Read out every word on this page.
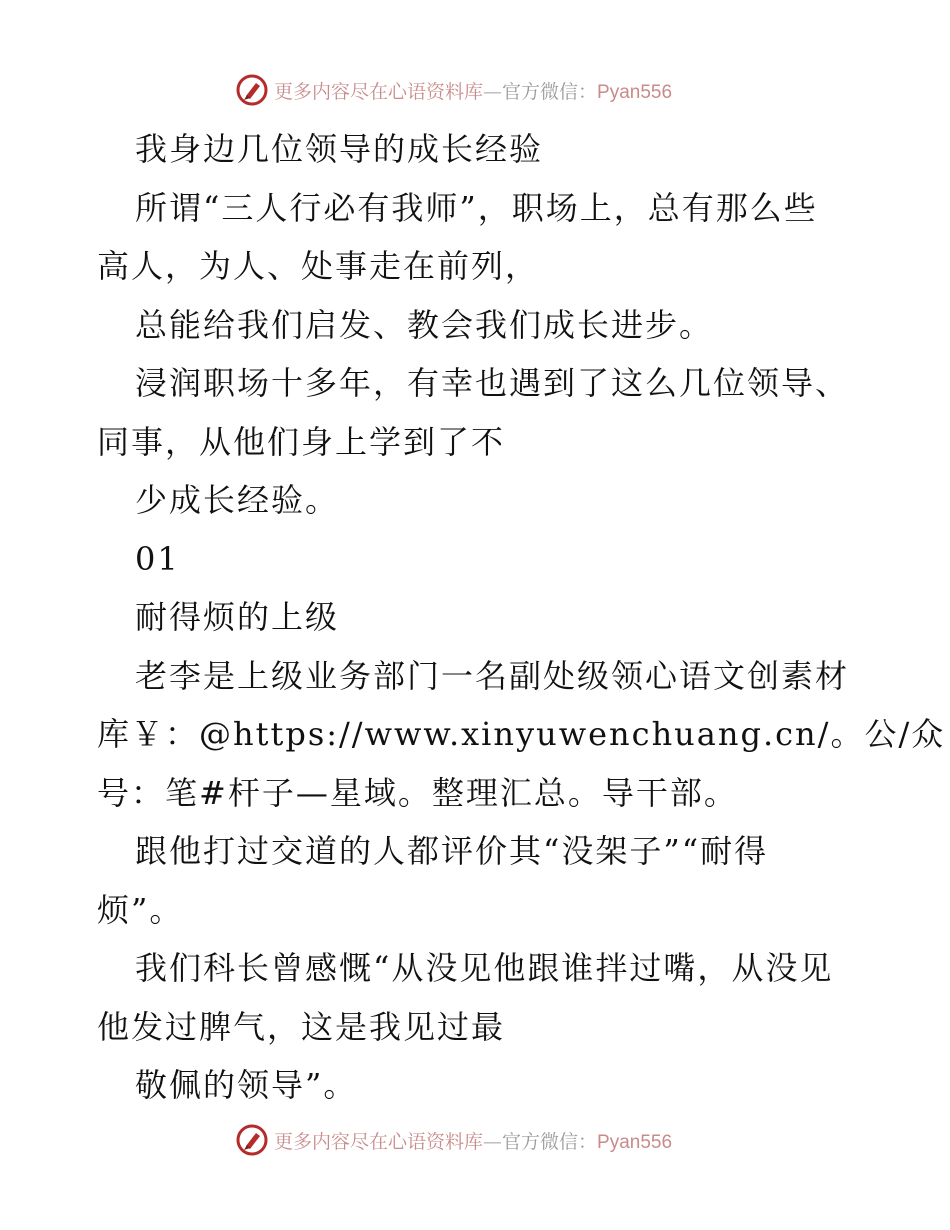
更多内容尽在心语资料库—官方微信：Pyan556
我身边几位领导的成长经验
所谓“三人行必有我师”，职场上，总有那么些
高人，为人、处事走在前列，
总能给我们启发、教会我们成长进步。
浸润职场十多年，有幸也遇到了这么几位领导、
同事，从他们身上学到了不
少成长经验。
01
耐得烦的上级
老李是上级业务部门一名副处级领心语文创素材
库￥：@https://www.xinyuwenchuang.cn/。公/众
号：笔#杆子—星域。整理汇总。导干部。
跟他打过交道的人都评价其“没架子”“耐得
烦”。
我们科长曾感慨“从没见他跟谁拌过嘴，从没见
他发过脾气，这是我见过最
敬佩的领导”。
更多内容尽在心语资料库—官方微信：Pyan556
